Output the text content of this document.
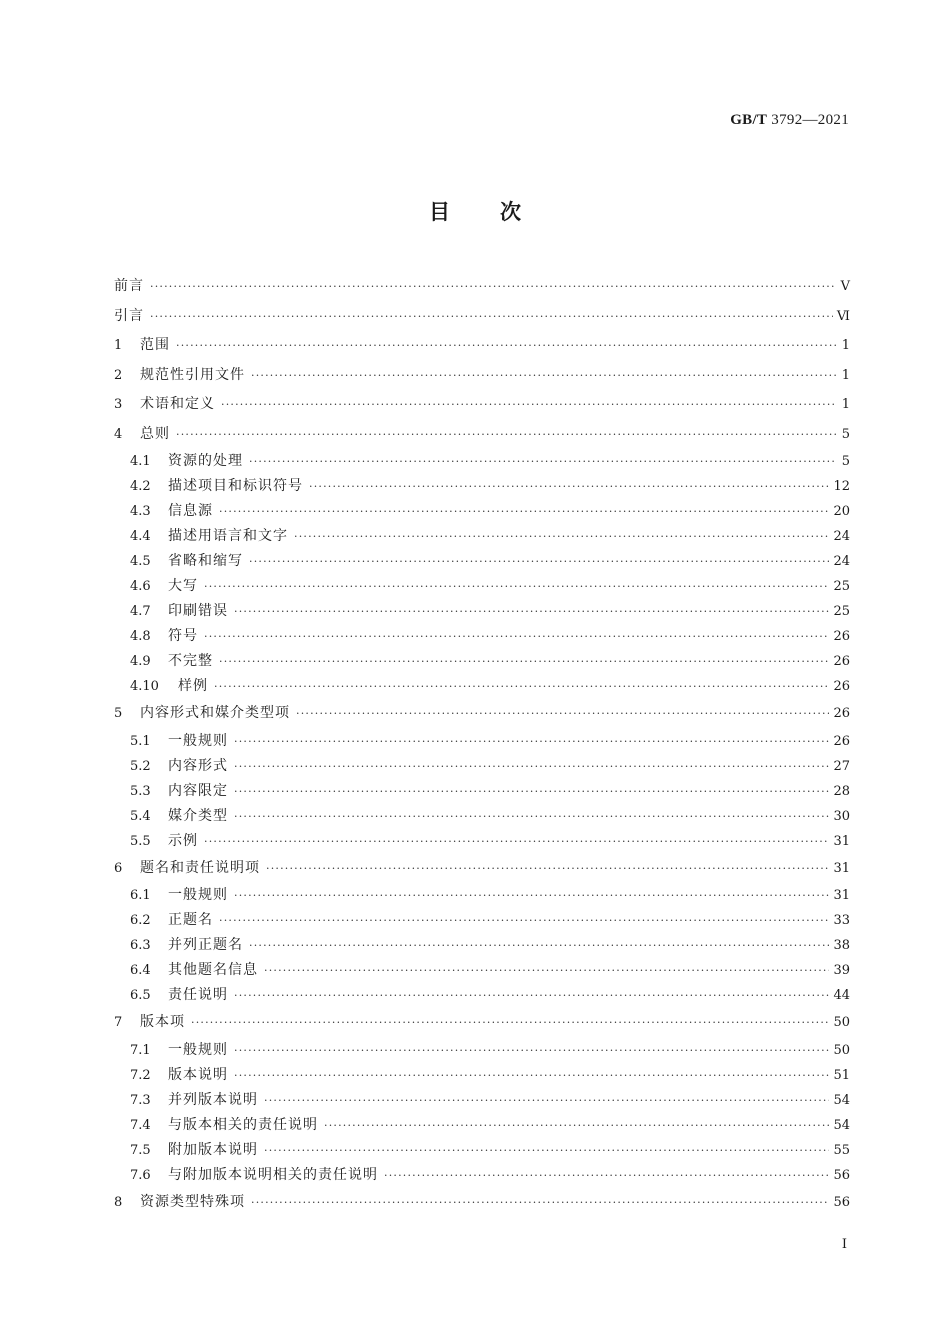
GB/T 3792—2021
目次
前言 ·····	Ⅴ
引言 ·····	Ⅵ
1	范围 ·····	1
2	规范性引用文件 ·····	1
3	术语和定义 ·····	1
4	总则 ·····	5
4.1	资源的处理 ·····	5
4.2	描述项目和标识符号 ·····	12
4.3	信息源 ·····	20
4.4	描述用语言和文字 ·····	24
4.5	省略和缩写 ·····	24
4.6	大写 ·····	25
4.7	印刷错误 ·····	25
4.8	符号 ·····	26
4.9	不完整 ·····	26
4.10	样例 ·····	26
5	内容形式和媒介类型项 ·····	26
5.1	一般规则 ·····	26
5.2	内容形式 ·····	27
5.3	内容限定 ·····	28
5.4	媒介类型 ·····	30
5.5	示例 ·····	31
6	题名和责任说明项 ·····	31
6.1	一般规则 ·····	31
6.2	正题名 ·····	33
6.3	并列正题名 ·····	38
6.4	其他题名信息 ·····	39
6.5	责任说明 ·····	44
7	版本项 ·····	50
7.1	一般规则 ·····	50
7.2	版本说明 ·····	51
7.3	并列版本说明 ·····	54
7.4	与版本相关的责任说明 ·····	54
7.5	附加版本说明 ·····	55
7.6	与附加版本说明相关的责任说明 ·····	56
8	资源类型特殊项 ·····	56
Ⅰ
